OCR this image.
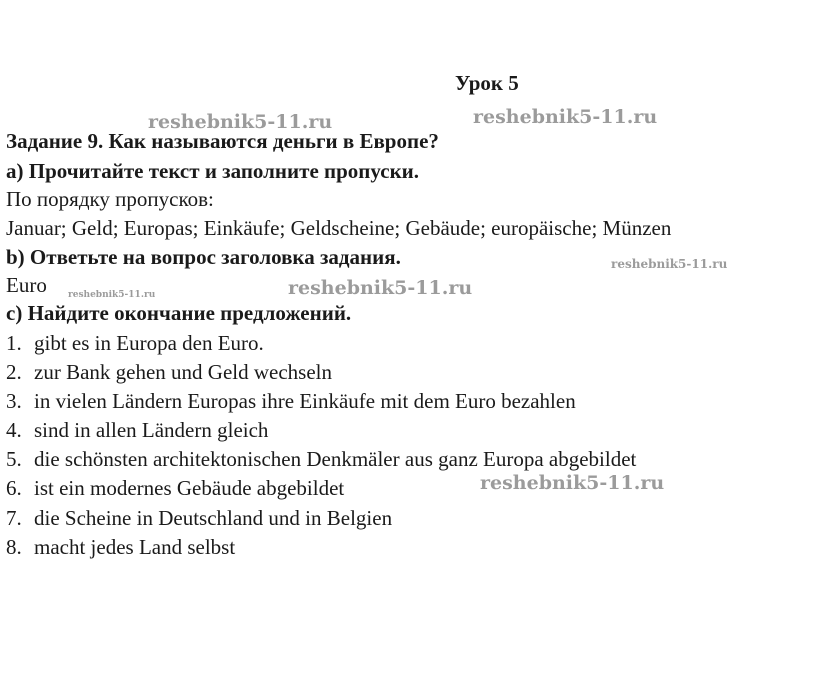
Урок 5
reshebnik5-11.ru	reshebnik5-11.ru
Задание 9. Как называются деньги в Европе?
a) Прочитайте текст и заполните пропуски.
По порядку пропусков:
Januar; Geld; Europas; Einkäufe; Geldscheine; Gebäude; europäische; Münzen
b) Ответьте на вопрос заголовка задания.	reshebnik5-11.ru
Euro reshebnik5-11.ru	reshebnik5-11.ru
c) Найдите окончание предложений.
1. gibt es in Europa den Euro.
2. zur Bank gehen und Geld wechseln
3. in vielen Ländern Europas ihre Einkäufe mit dem Euro bezahlen
4. sind in allen Ländern gleich
5. die schönsten architektonischen Denkmäler aus ganz Europa abgebildet
6. ist ein modernes Gebäude abgebildet
7. die Scheine in Deutschland und in Belgien
8. macht jedes Land selbst
reshebnik5-11.ru
